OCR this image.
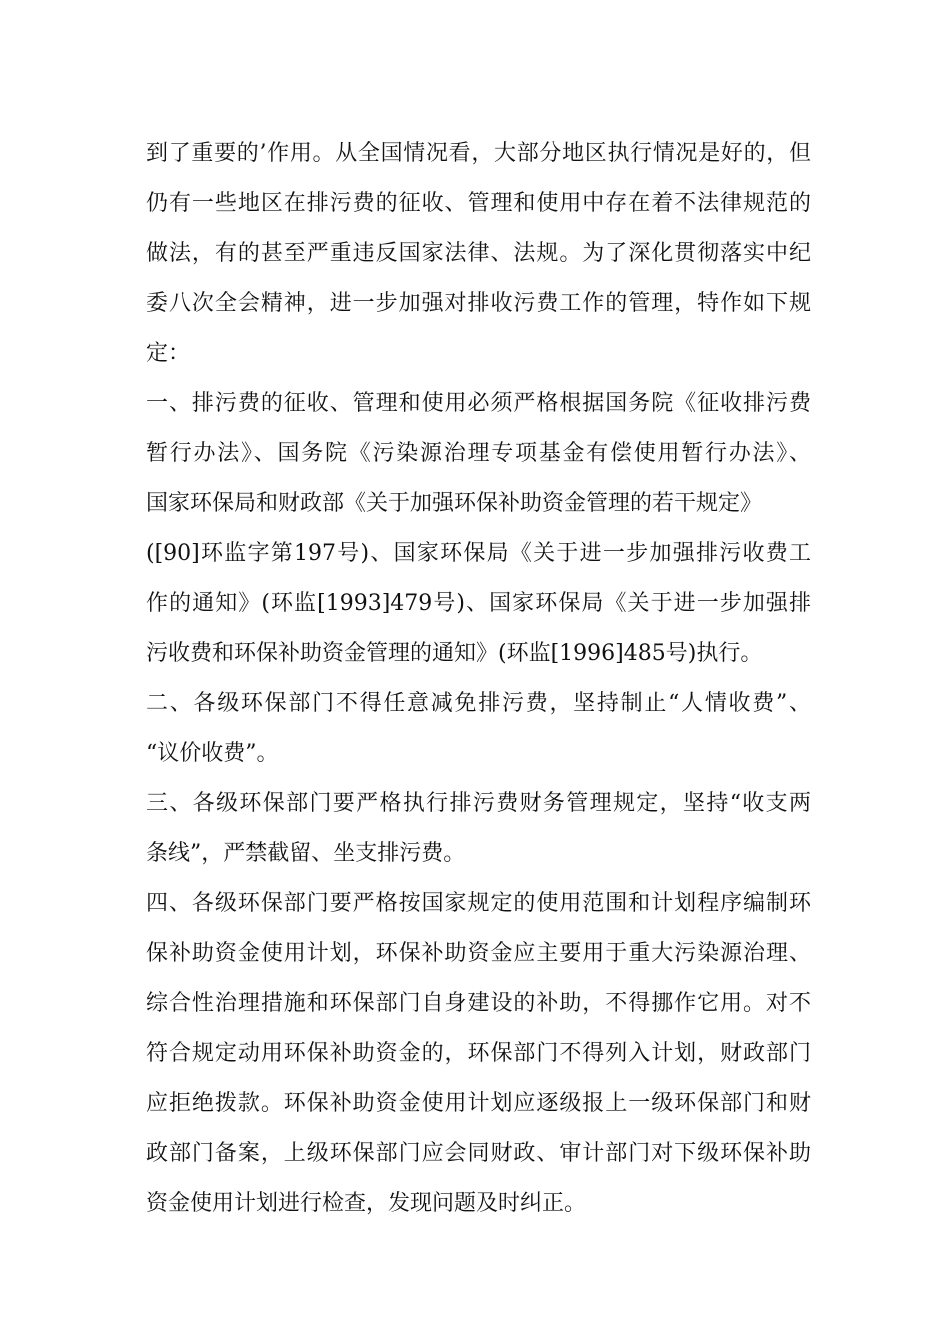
到了重要的’作用。从全国情况看，大部分地区执行情况是好的，但
仍有一些地区在排污费的征收、管理和使用中存在着不法律规范的
做法，有的甚至严重违反国家法律、法规。为了深化贯彻落实中纪
委八次全会精神，进一步加强对排收污费工作的管理，特作如下规
定：
一、排污费的征收、管理和使用必须严格根据国务院《征收排污费
暂行办法》、国务院《污染源治理专项基金有偿使用暂行办法》、
国家环保局和财政部《关于加强环保补助资金管理的若干规定》
([90]环监字第197号)、国家环保局《关于进一步加强排污收费工
作的通知》(环监[1993]479号)、国家环保局《关于进一步加强排
污收费和环保补助资金管理的通知》(环监[1996]485号)执行。
二、各级环保部门不得任意减免排污费，坚持制止“人情收费”、
“议价收费”。
三、各级环保部门要严格执行排污费财务管理规定，坚持“收支两
条线”，严禁截留、坐支排污费。
四、各级环保部门要严格按国家规定的使用范围和计划程序编制环
保补助资金使用计划，环保补助资金应主要用于重大污染源治理、
综合性治理措施和环保部门自身建设的补助，不得挪作它用。对不
符合规定动用环保补助资金的，环保部门不得列入计划，财政部门
应拒绝拨款。环保补助资金使用计划应逐级报上一级环保部门和财
政部门备案，上级环保部门应会同财政、审计部门对下级环保补助
资金使用计划进行检查，发现问题及时纠正。
